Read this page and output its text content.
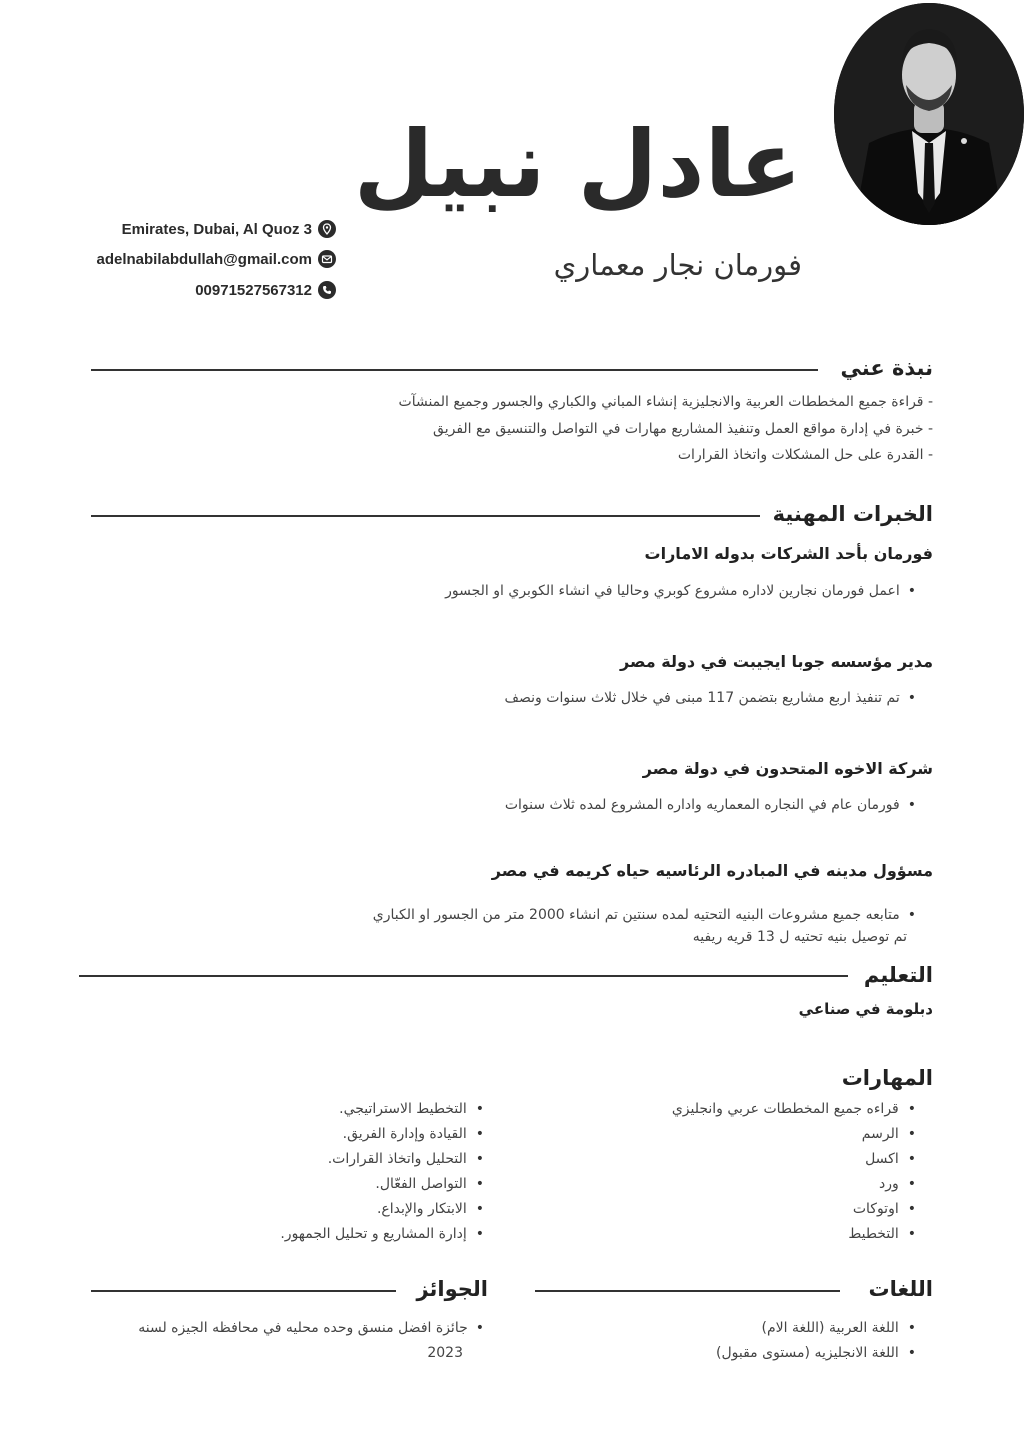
عادل نبيل
فورمان نجار معماري
Emirates, Dubai, Al Quoz 3
adelnabilabdullah@gmail.com
00971527567312
نبذة عني
- قراءة جميع المخططات العربية والانجليزية إنشاء المباني والكباري والجسور وجميع المنشآت
- خبرة في إدارة مواقع العمل وتنفيذ المشاريع مهارات في التواصل والتنسيق مع الفريق
- القدرة على حل المشكلات واتخاذ القرارات
الخبرات المهنية
فورمان بأحد الشركات بدوله الامارات
• اعمل فورمان نجارين لاداره مشروع كوبري وحاليا في انشاء الكوبري او الجسور
مدير مؤسسه جوبا ايجيبت في دولة مصر
• تم تنفيذ اربع مشاريع بتضمن 117 مبنى في خلال ثلاث سنوات ونصف
شركة الاخوه المتحدون في دولة مصر
• فورمان عام في النجاره المعماريه واداره المشروع لمده ثلاث سنوات
مسؤول مدينه في المبادره الرئاسيه حياه كريمه في مصر
• متابعه جميع مشروعات البنيه التحتيه لمده سنتين تم انشاء 2000 متر من الجسور او الكباري
تم توصيل بنيه تحتيه ل 13 قريه ريفيه
التعليم
دبلومة في صناعي
المهارات
• قراءه جميع المخططات عربي وانجليزي
• الرسم
• اكسل
• ورد
• اوتوكات
• التخطيط
• التخطيط الاستراتيجي.
• القيادة وإدارة الفريق.
• التحليل واتخاذ القرارات.
• التواصل الفعّال.
• الابتكار والإبداع.
• إدارة المشاريع و تحليل الجمهور.
اللغات
• اللغة العربية (اللغة الام)
• اللغة الانجليزيه (مستوى مقبول)
الجوائز
• جائزة افضل منسق وحده محليه في محافظه الجيزه لسنه
2023
